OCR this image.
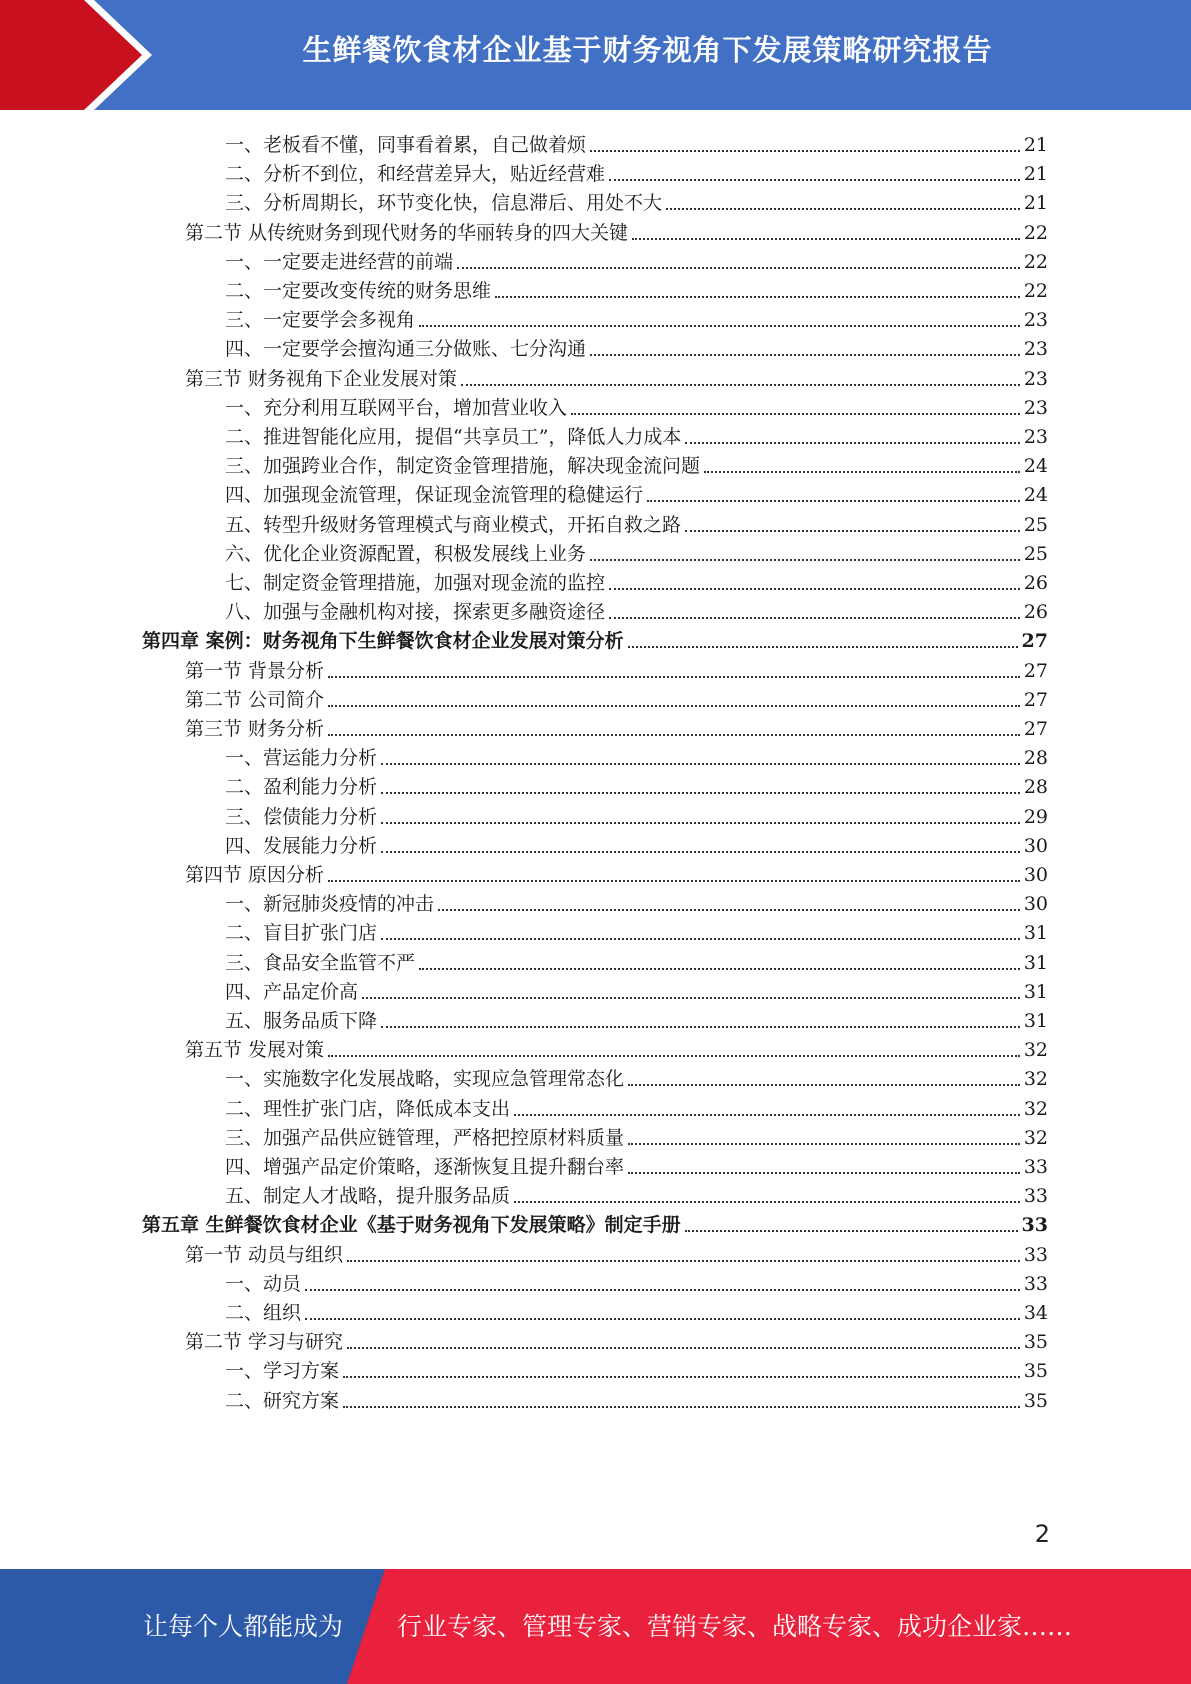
生鲜餐饮食材企业基于财务视角下发展策略研究报告
一、老板看不懂，同事看着累，自己做着烦	21
二、分析不到位，和经营差异大，贴近经营难	21
三、分析周期长，环节变化快，信息滞后、用处不大	21
第二节 从传统财务到现代财务的华丽转身的四大关键	22
一、一定要走进经营的前端	22
二、一定要改变传统的财务思维	22
三、一定要学会多视角	23
四、一定要学会擅沟通三分做账、七分沟通	23
第三节 财务视角下企业发展对策	23
一、充分利用互联网平台，增加营业收入	23
二、推进智能化应用，提倡“共享员工”，降低人力成本	23
三、加强跨业合作，制定资金管理措施，解决现金流问题	24
四、加强现金流管理，保证现金流管理的稳健运行	24
五、转型升级财务管理模式与商业模式，开拓自救之路	25
六、优化企业资源配置，积极发展线上业务	25
七、制定资金管理措施，加强对现金流的监控	26
八、加强与金融机构对接，探索更多融资途径	26
第四章 案例：财务视角下生鲜餐饮食材企业发展对策分析	27
第一节 背景分析	27
第二节 公司简介	27
第三节 财务分析	27
一、营运能力分析	28
二、盈利能力分析	28
三、偿债能力分析	29
四、发展能力分析	30
第四节 原因分析	30
一、新冠肺炎疫情的冲击	30
二、盲目扩张门店	31
三、食品安全监管不严	31
四、产品定价高	31
五、服务品质下降	31
第五节 发展对策	32
一、实施数字化发展战略，实现应急管理常态化	32
二、理性扩张门店，降低成本支出	32
三、加强产品供应链管理，严格把控原材料质量	32
四、增强产品定价策略，逐渐恢复且提升翻台率	33
五、制定人才战略，提升服务品质	33
第五章 生鲜餐饮食材企业《基于财务视角下发展策略》制定手册	33
第一节 动员与组织	33
一、动员	33
二、组织	34
第二节 学习与研究	35
一、学习方案	35
二、研究方案	35
2
让每个人都能成为 行业专家、管理专家、营销专家、战略专家、成功企业家……
